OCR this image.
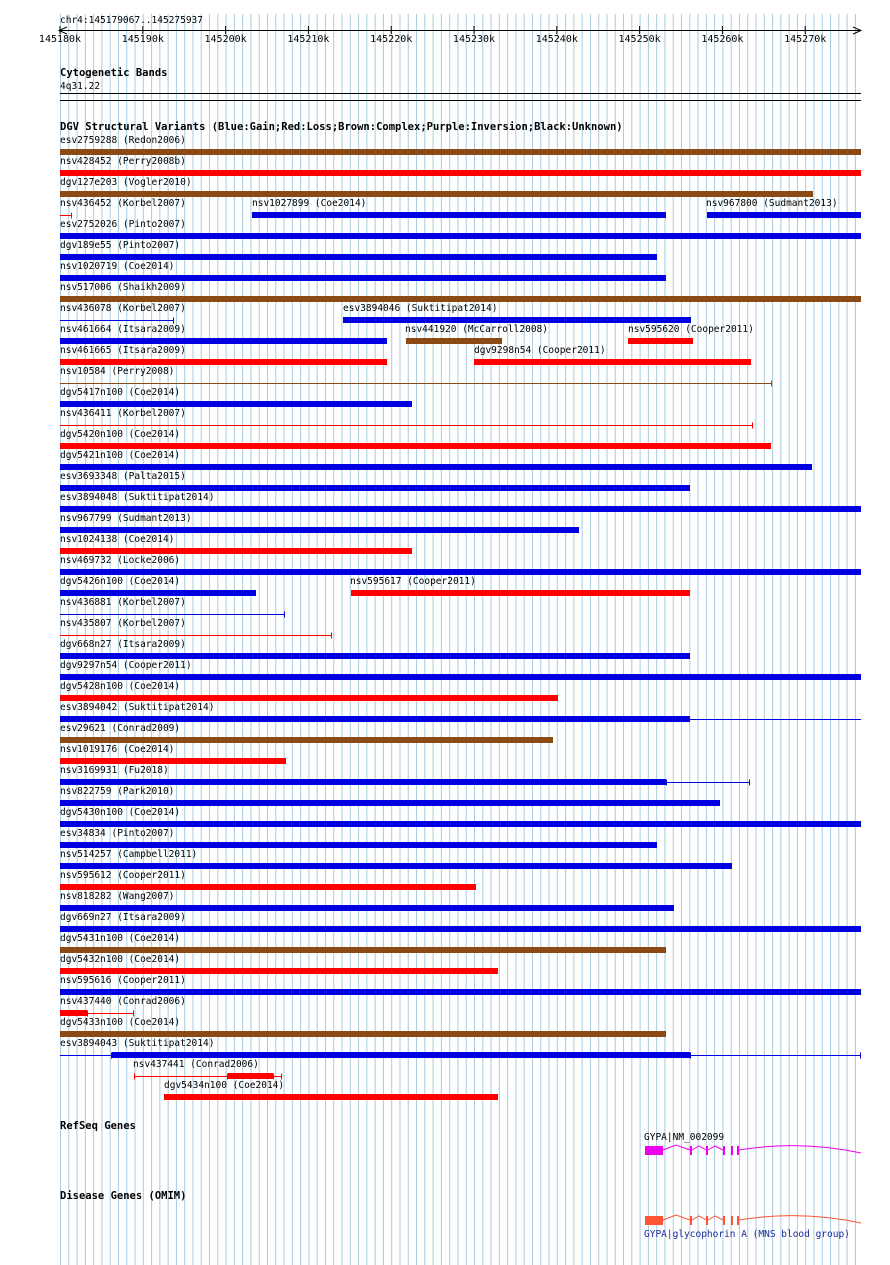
chr4:145179067..145275937
145180k	145190k	145200k	145210k	145220k	145230k	145240k	145250k	145260k	145270k
Cytogenetic Bands
4q31.22
DGV Structural Variants (Blue:Gain;Red:Loss;Brown:Complex;Purple:Inversion;Black:Unknown)
esv2759288 (Redon2006)
nsv428452 (Perry2008b)
dgv127e203 (Vogler2010)
nsv436452 (Korbel2007)	nsv1027899 (Coe2014)	nsv967800 (Sudmant2013)
esv2752026 (Pinto2007)
dgv189e55 (Pinto2007)
nsv1020719 (Coe2014)
nsv517006 (Shaikh2009)
nsv436078 (Korbel2007)	esv3894046 (Suktitipat2014)
nsv461664 (Itsara2009)	nsv441920 (McCarroll2008)	nsv595620 (Cooper2011)
nsv461665 (Itsara2009)	dgv9298n54 (Cooper2011)
nsv10584 (Perry2008)
dgv5417n100 (Coe2014)
nsv436411 (Korbel2007)
dgv5420n100 (Coe2014)
dgv5421n100 (Coe2014)
esv3693348 (Palta2015)
esv3894048 (Suktitipat2014)
nsv967799 (Sudmant2013)
nsv1024138 (Coe2014)
nsv469732 (Locke2006)
dgv5426n100 (Coe2014)	nsv595617 (Cooper2011)
nsv436881 (Korbel2007)
nsv435807 (Korbel2007)
dgv668n27 (Itsara2009)
dgv9297n54 (Cooper2011)
dgv5428n100 (Coe2014)
esv3894042 (Suktitipat2014)
esv29621 (Conrad2009)
nsv1019176 (Coe2014)
nsv3169931 (Fu2018)
nsv822759 (Park2010)
dgv5430n100 (Coe2014)
esv34834 (Pinto2007)
nsv514257 (Campbell2011)
nsv595612 (Cooper2011)
nsv818282 (Wang2007)
dgv669n27 (Itsara2009)
dgv5431n100 (Coe2014)
dgv5432n100 (Coe2014)
nsv595616 (Cooper2011)
nsv437440 (Conrad2006)
dgv5433n100 (Coe2014)
esv3894043 (Suktitipat2014)
nsv437441 (Conrad2006)
dgv5434n100 (Coe2014)
RefSeq Genes
GYPA|NM_002099
Disease Genes (OMIM)
GYPA|glycophorin A (MNS blood group)
